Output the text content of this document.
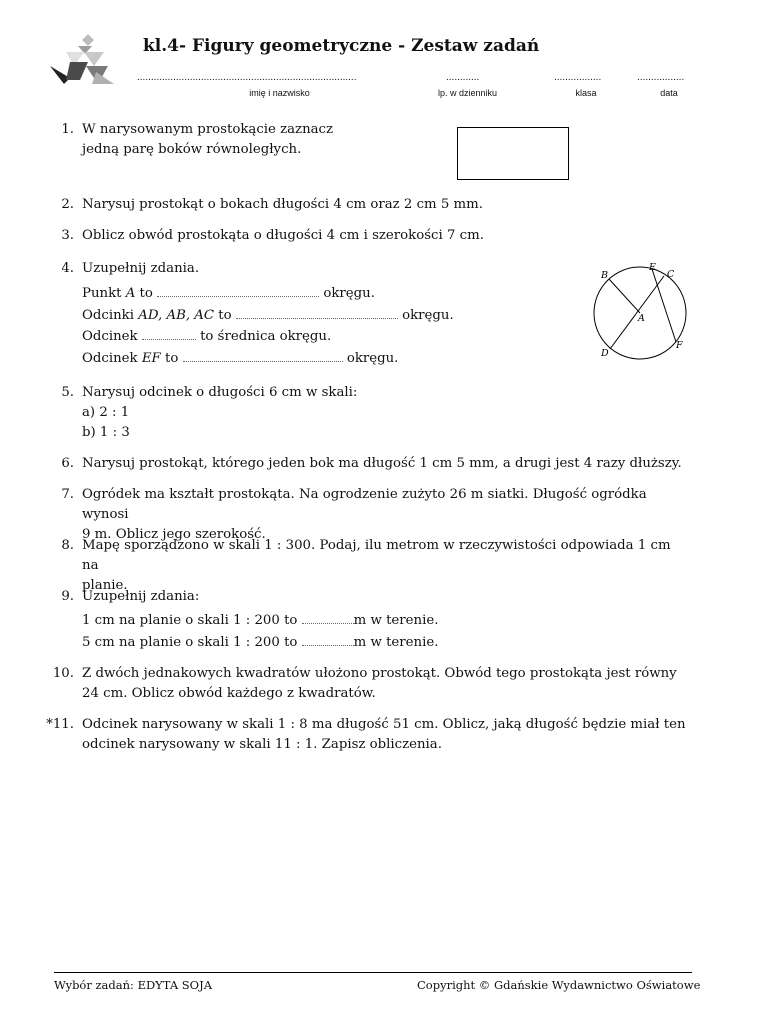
kl.4- Figury geometryczne - Zestaw zadań
...............................................................................
imię i nazwisko
............
lp. w dzienniku
.................
klasa
.................
data
1. W narysowanym prostokącie zaznacz
jedną parę boków równoległych.
2. Narysuj prostokąt o bokach długości 4 cm oraz 2 cm 5 mm.
3. Oblicz obwód prostokąta o długości 4 cm i szerokości 7 cm.
4. Uzupełnij zdania.
Punkt A to	okręgu.
Odcinki AD, AB, AC to	okręgu.
Odcinek	to średnica okręgu.
Odcinek EF to	okręgu.
B
E
C
A
F
D
5. Narysuj odcinek o długości 6 cm w skali:
a) 2 : 1
b) 1 : 3
6. Narysuj prostokąt, którego jeden bok ma długość 1 cm 5 mm, a drugi jest 4 razy dłuższy.
7. Ogródek ma kształt prostokąta. Na ogrodzenie zużyto 26 m siatki. Długość ogródka wynosi
9 m. Oblicz jego szerokość.
8. Mapę sporządzono w skali 1 : 300. Podaj, ilu metrom w rzeczywistości odpowiada 1 cm na
planie.
9. Uzupełnij zdania:
1 cm na planie o skali 1 : 200 to	m w terenie.
5 cm na planie o skali 1 : 200 to	m w terenie.
10. Z dwóch jednakowych kwadratów ułożono prostokąt. Obwód tego prostokąta jest równy
24 cm. Oblicz obwód każdego z kwadratów.
*11. Odcinek narysowany w skali 1 : 8 ma długość 51 cm. Oblicz, jaką długość będzie miał ten
odcinek narysowany w skali 11 : 1. Zapisz obliczenia.
Wybór zadań: EDYTA SOJA	Copyright © Gdańskie Wydawnictwo Oświatowe
